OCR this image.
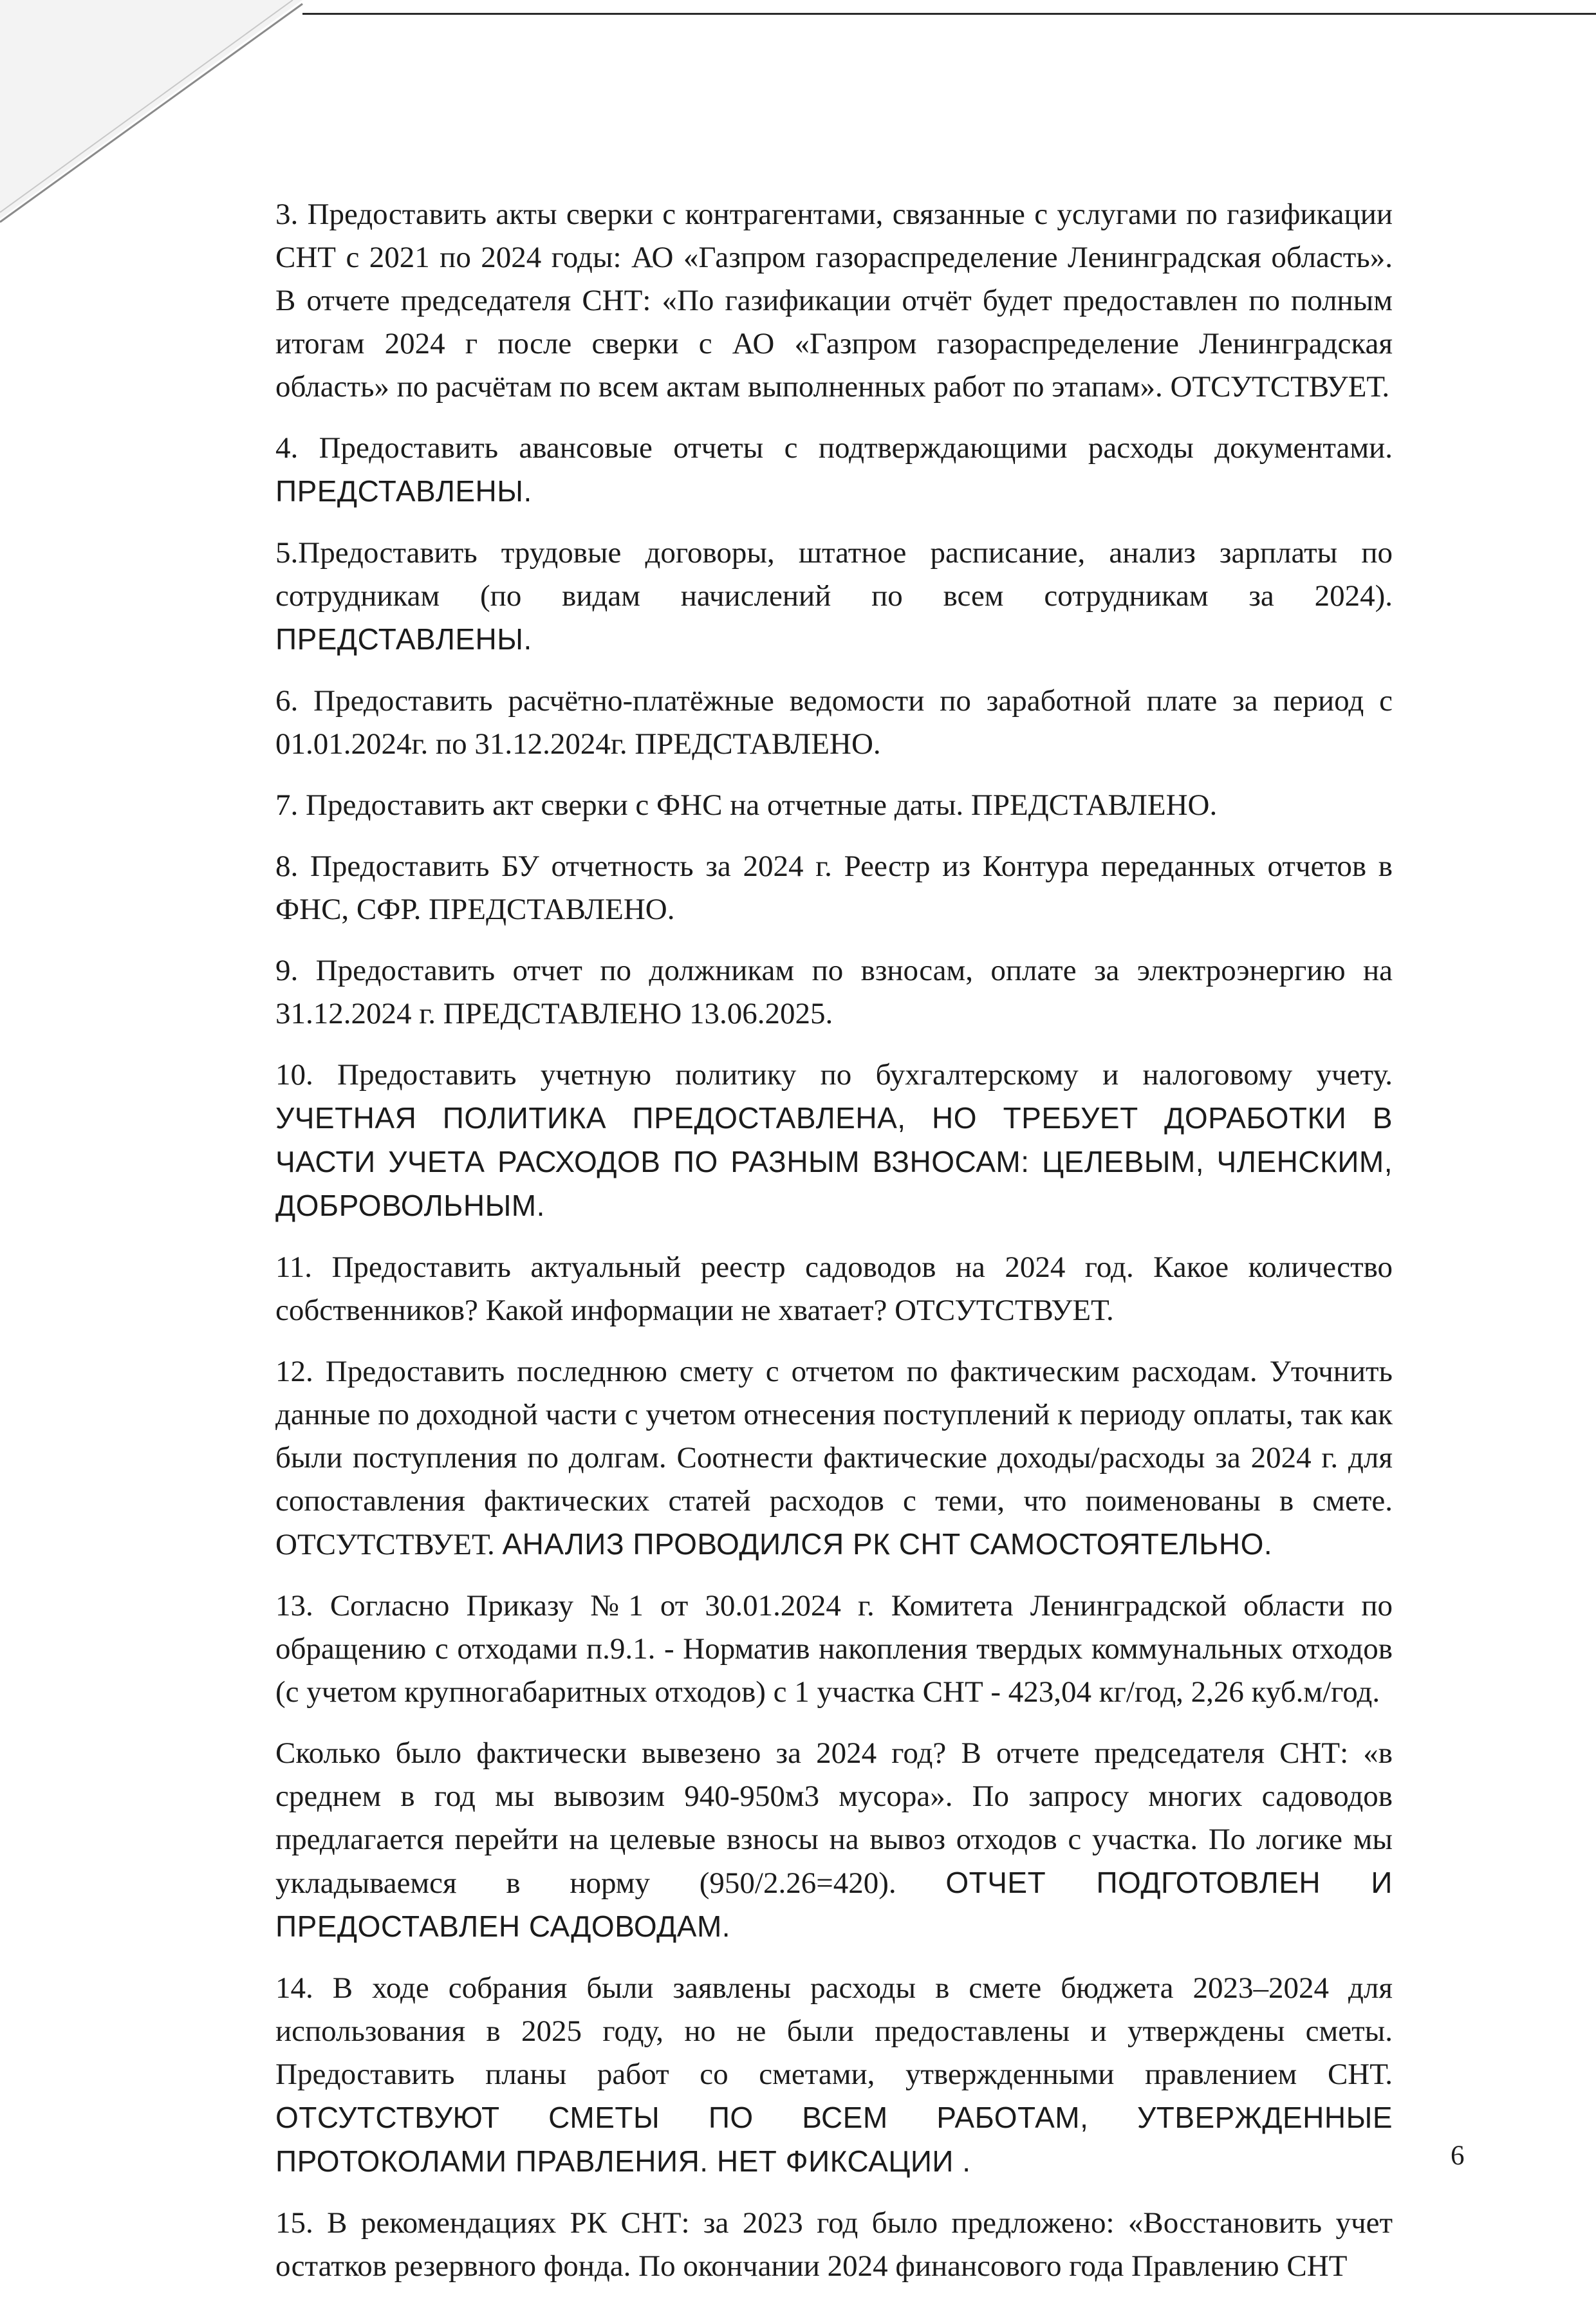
3. Предоставить акты сверки с контрагентами, связанные с услугами по газификации СНТ с 2021 по 2024 годы: АО «Газпром газораспределение Ленинградская область». В отчете председателя СНТ: «По газификации отчёт будет предоставлен по полным итогам 2024 г после сверки с АО «Газпром газораспределение Ленинградская область» по расчётам по всем актам выполненных работ по этапам». ОТСУТСТВУЕТ.

4. Предоставить авансовые отчеты с подтверждающими расходы документами. ПРЕДСТАВЛЕНЫ.

5.Предоставить трудовые договоры, штатное расписание, анализ зарплаты по сотрудникам (по видам начислений по всем сотрудникам за 2024). ПРЕДСТАВЛЕНЫ.

6. Предоставить расчётно-платёжные ведомости по заработной плате за период с 01.01.2024г. по 31.12.2024г. ПРЕДСТАВЛЕНО.

7. Предоставить акт сверки с ФНС на отчетные даты. ПРЕДСТАВЛЕНО.

8. Предоставить БУ отчетность за 2024 г. Реестр из Контура переданных отчетов в ФНС, СФР. ПРЕДСТАВЛЕНО.

9. Предоставить отчет по должникам по взносам, оплате за электроэнергию на 31.12.2024 г. ПРЕДСТАВЛЕНО 13.06.2025.

10. Предоставить учетную политику по бухгалтерскому и налоговому учету. УЧЕТНАЯ ПОЛИТИКА ПРЕДОСТАВЛЕНА, НО ТРЕБУЕТ ДОРАБОТКИ В ЧАСТИ УЧЕТА РАСХОДОВ ПО РАЗНЫМ ВЗНОСАМ: ЦЕЛЕВЫМ, ЧЛЕНСКИМ, ДОБРОВОЛЬНЫМ.

11. Предоставить актуальный реестр садоводов на 2024 год. Какое количество собственников? Какой информации не хватает? ОТСУТСТВУЕТ.

12. Предоставить последнюю смету с отчетом по фактическим расходам. Уточнить данные по доходной части с учетом отнесения поступлений к периоду оплаты, так как были поступления по долгам. Соотнести фактические доходы/расходы за 2024 г. для сопоставления фактических статей расходов с теми, что поименованы в смете. ОТСУТСТВУЕТ. АНАЛИЗ ПРОВОДИЛСЯ РК СНТ САМОСТОЯТЕЛЬНО.

13. Согласно Приказу №1 от 30.01.2024 г. Комитета Ленинградской области по обращению с отходами п.9.1. - Норматив накопления твердых коммунальных отходов (с учетом крупногабаритных отходов) с 1 участка СНТ - 423,04 кг/год, 2,26 куб.м/год.

Сколько было фактически вывезено за 2024 год? В отчете председателя СНТ: «в среднем в год мы вывозим 940-950м3 мусора». По запросу многих садоводов предлагается перейти на целевые взносы на вывоз отходов с участка. По логике мы укладываемся в норму (950/2.26=420). ОТЧЕТ ПОДГОТОВЛЕН И ПРЕДОСТАВЛЕН САДОВОДАМ.

14. В ходе собрания были заявлены расходы в смете бюджета 2023–2024 для использования в 2025 году, но не были предоставлены и утверждены сметы. Предоставить планы работ со сметами, утвержденными правлением СНТ. ОТСУТСТВУЮТ СМЕТЫ ПО ВСЕМ РАБОТАМ, УТВЕРЖДЕННЫЕ ПРОТОКОЛАМИ ПРАВЛЕНИЯ. НЕТ ФИКСАЦИИ .

15. В рекомендациях РК СНТ: за 2023 год было предложено: «Восстановить учет остатков резервного фонда. По окончании 2024 финансового года Правлению СНТ

6
